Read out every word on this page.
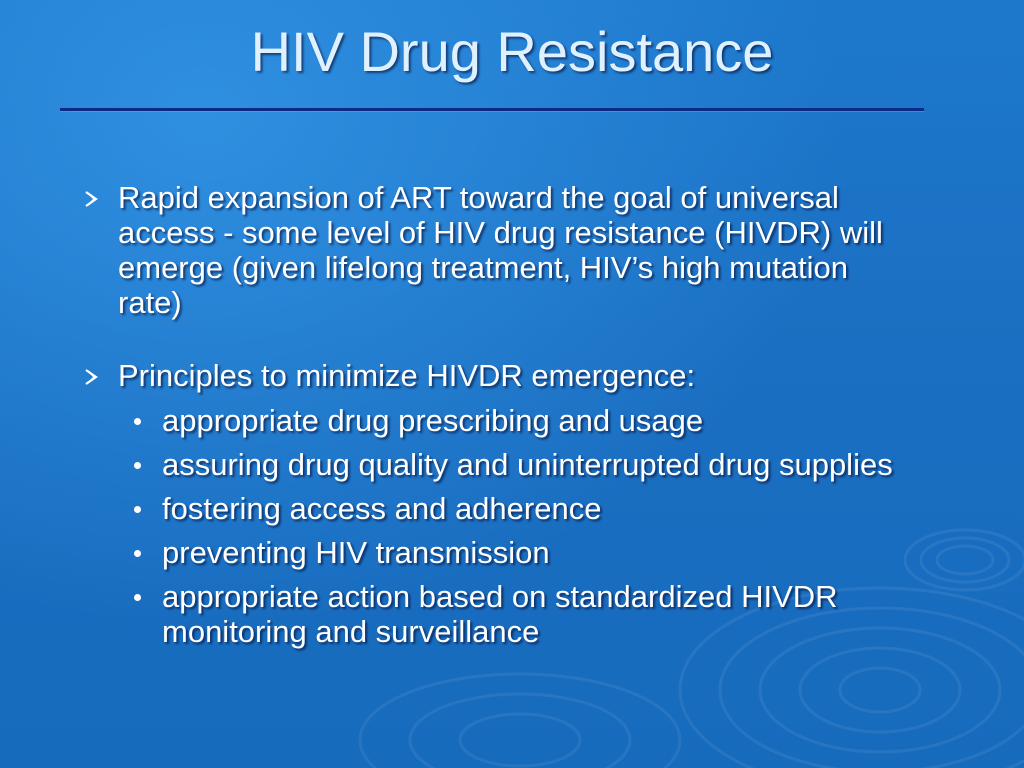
HIV Drug Resistance
Rapid expansion of ART toward the goal of universal access - some level of HIV drug resistance (HIVDR) will emerge (given lifelong treatment, HIV’s high mutation rate)
Principles to minimize HIVDR emergence:
appropriate drug prescribing and usage
assuring drug quality and uninterrupted drug supplies
fostering access and adherence
preventing HIV transmission
appropriate action based on standardized HIVDR monitoring and surveillance
